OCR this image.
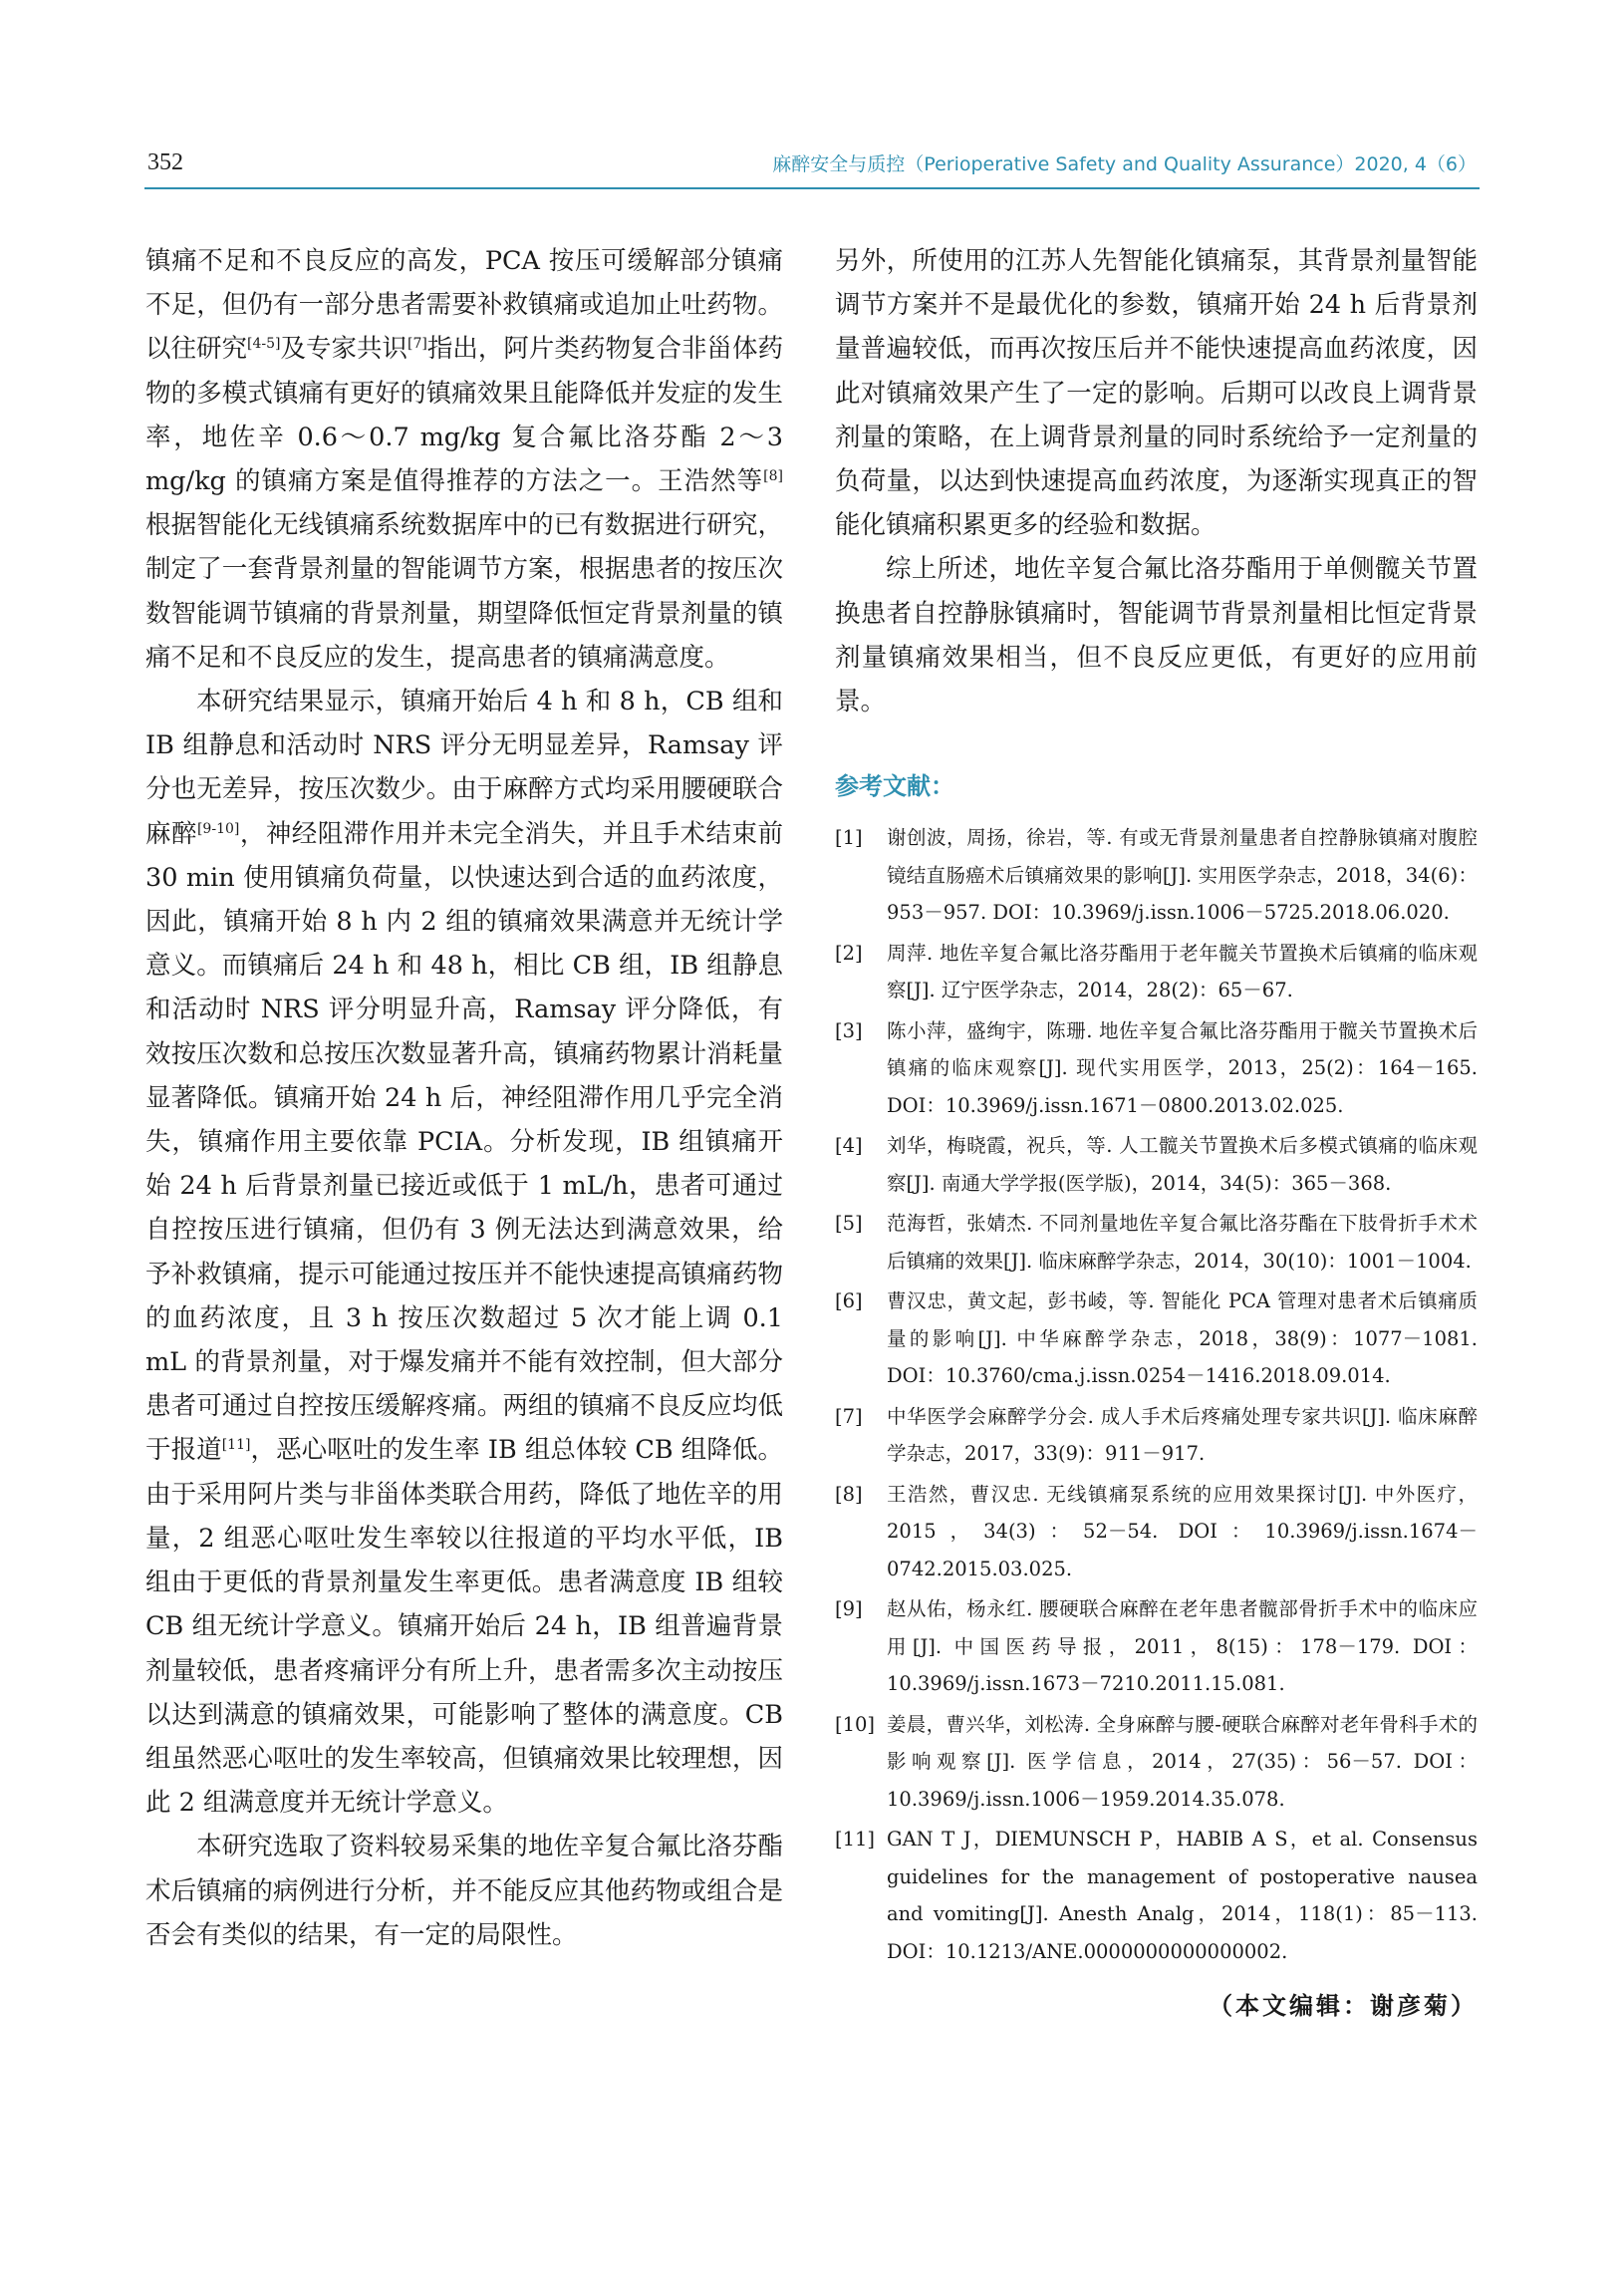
352	麻醉安全与质控（Perioperative Safety and Quality Assurance）2020, 4（6）

镇痛不足和不良反应的高发，PCA 按压可缓解部分镇痛不足，但仍有一部分患者需要补救镇痛或追加止吐药物。以往研究[4-5]及专家共识[7]指出，阿片类药物复合非甾体药物的多模式镇痛有更好的镇痛效果且能降低并发症的发生率，地佐辛 0.6～0.7 mg/kg 复合氟比洛芬酯 2～3 mg/kg 的镇痛方案是值得推荐的方法之一。王浩然等[8]根据智能化无线镇痛系统数据库中的已有数据进行研究，制定了一套背景剂量的智能调节方案，根据患者的按压次数智能调节镇痛的背景剂量，期望降低恒定背景剂量的镇痛不足和不良反应的发生，提高患者的镇痛满意度。

本研究结果显示，镇痛开始后 4 h 和 8 h，CB 组和 IB 组静息和活动时 NRS 评分无明显差异，Ramsay 评分也无差异，按压次数少。由于麻醉方式均采用腰硬联合麻醉[9-10]，神经阻滞作用并未完全消失，并且手术结束前 30 min 使用镇痛负荷量，以快速达到合适的血药浓度，因此，镇痛开始 8 h 内 2 组的镇痛效果满意并无统计学意义。而镇痛后 24 h 和 48 h，相比 CB 组，IB 组静息和活动时 NRS 评分明显升高，Ramsay 评分降低，有效按压次数和总按压次数显著升高，镇痛药物累计消耗量显著降低。镇痛开始 24 h 后，神经阻滞作用几乎完全消失，镇痛作用主要依靠 PCIA。分析发现，IB 组镇痛开始 24 h 后背景剂量已接近或低于 1 mL/h，患者可通过自控按压进行镇痛，但仍有 3 例无法达到满意效果，给予补救镇痛，提示可能通过按压并不能快速提高镇痛药物的血药浓度，且 3 h 按压次数超过 5 次才能上调 0.1 mL 的背景剂量，对于爆发痛并不能有效控制，但大部分患者可通过自控按压缓解疼痛。两组的镇痛不良反应均低于报道[11]，恶心呕吐的发生率 IB 组总体较 CB 组降低。由于采用阿片类与非甾体类联合用药，降低了地佐辛的用量，2 组恶心呕吐发生率较以往报道的平均水平低，IB 组由于更低的背景剂量发生率更低。患者满意度 IB 组较 CB 组无统计学意义。镇痛开始后 24 h，IB 组普遍背景剂量较低，患者疼痛评分有所上升，患者需多次主动按压以达到满意的镇痛效果，可能影响了整体的满意度。CB 组虽然恶心呕吐的发生率较高，但镇痛效果比较理想，因此 2 组满意度并无统计学意义。

本研究选取了资料较易采集的地佐辛复合氟比洛芬酯术后镇痛的病例进行分析，并不能反应其他药物或组合是否会有类似的结果，有一定的局限性。

另外，所使用的江苏人先智能化镇痛泵，其背景剂量智能调节方案并不是最优化的参数，镇痛开始 24 h 后背景剂量普遍较低，而再次按压后并不能快速提高血药浓度，因此对镇痛效果产生了一定的影响。后期可以改良上调背景剂量的策略，在上调背景剂量的同时系统给予一定剂量的负荷量，以达到快速提高血药浓度，为逐渐实现真正的智能化镇痛积累更多的经验和数据。

综上所述，地佐辛复合氟比洛芬酯用于单侧髋关节置换患者自控静脉镇痛时，智能调节背景剂量相比恒定背景剂量镇痛效果相当，但不良反应更低，有更好的应用前景。

参考文献：
[1] 谢创波，周扬，徐岩，等. 有或无背景剂量患者自控静脉镇痛对腹腔镜结直肠癌术后镇痛效果的影响[J]. 实用医学杂志，2018，34(6)：953－957. DOI：10.3969/j.issn.1006－5725.2018.06.020.
[2] 周萍. 地佐辛复合氟比洛芬酯用于老年髋关节置换术后镇痛的临床观察[J]. 辽宁医学杂志，2014，28(2)：65－67.
[3] 陈小萍，盛绚宇，陈珊. 地佐辛复合氟比洛芬酯用于髋关节置换术后镇痛的临床观察[J]. 现代实用医学，2013，25(2)：164－165. DOI：10.3969/j.issn.1671－0800.2013.02.025.
[4] 刘华，梅晓霞，祝兵，等. 人工髋关节置换术后多模式镇痛的临床观察[J]. 南通大学学报(医学版)，2014，34(5)：365－368.
[5] 范海哲，张婧杰. 不同剂量地佐辛复合氟比洛芬酯在下肢骨折手术术后镇痛的效果[J]. 临床麻醉学杂志，2014，30(10)：1001－1004.
[6] 曹汉忠，黄文起，彭书崚，等. 智能化 PCA 管理对患者术后镇痛质量的影响[J]. 中华麻醉学杂志，2018，38(9)：1077－1081. DOI：10.3760/cma.j.issn.0254－1416.2018.09.014.
[7] 中华医学会麻醉学分会. 成人手术后疼痛处理专家共识[J]. 临床麻醉学杂志，2017，33(9)：911－917.
[8] 王浩然，曹汉忠. 无线镇痛泵系统的应用效果探讨[J]. 中外医疗，2015，34(3)：52－54. DOI：10.3969/j.issn.1674－0742.2015.03.025.
[9] 赵从佑，杨永红. 腰硬联合麻醉在老年患者髋部骨折手术中的临床应用[J]. 中国医药导报，2011，8(15)：178－179. DOI：10.3969/j.issn.1673－7210.2011.15.081.
[10] 姜晨，曹兴华，刘松涛. 全身麻醉与腰-硬联合麻醉对老年骨科手术的影响观察[J]. 医学信息，2014，27(35)：56－57. DOI：10.3969/j.issn.1006－1959.2014.35.078.
[11] GAN T J，DIEMUNSCH P，HABIB A S，et al. Consensus guidelines for the management of postoperative nausea and vomiting[J]. Anesth Analg，2014，118(1)：85－113. DOI：10.1213/ANE.0000000000000002.
（本文编辑：谢彦菊）
